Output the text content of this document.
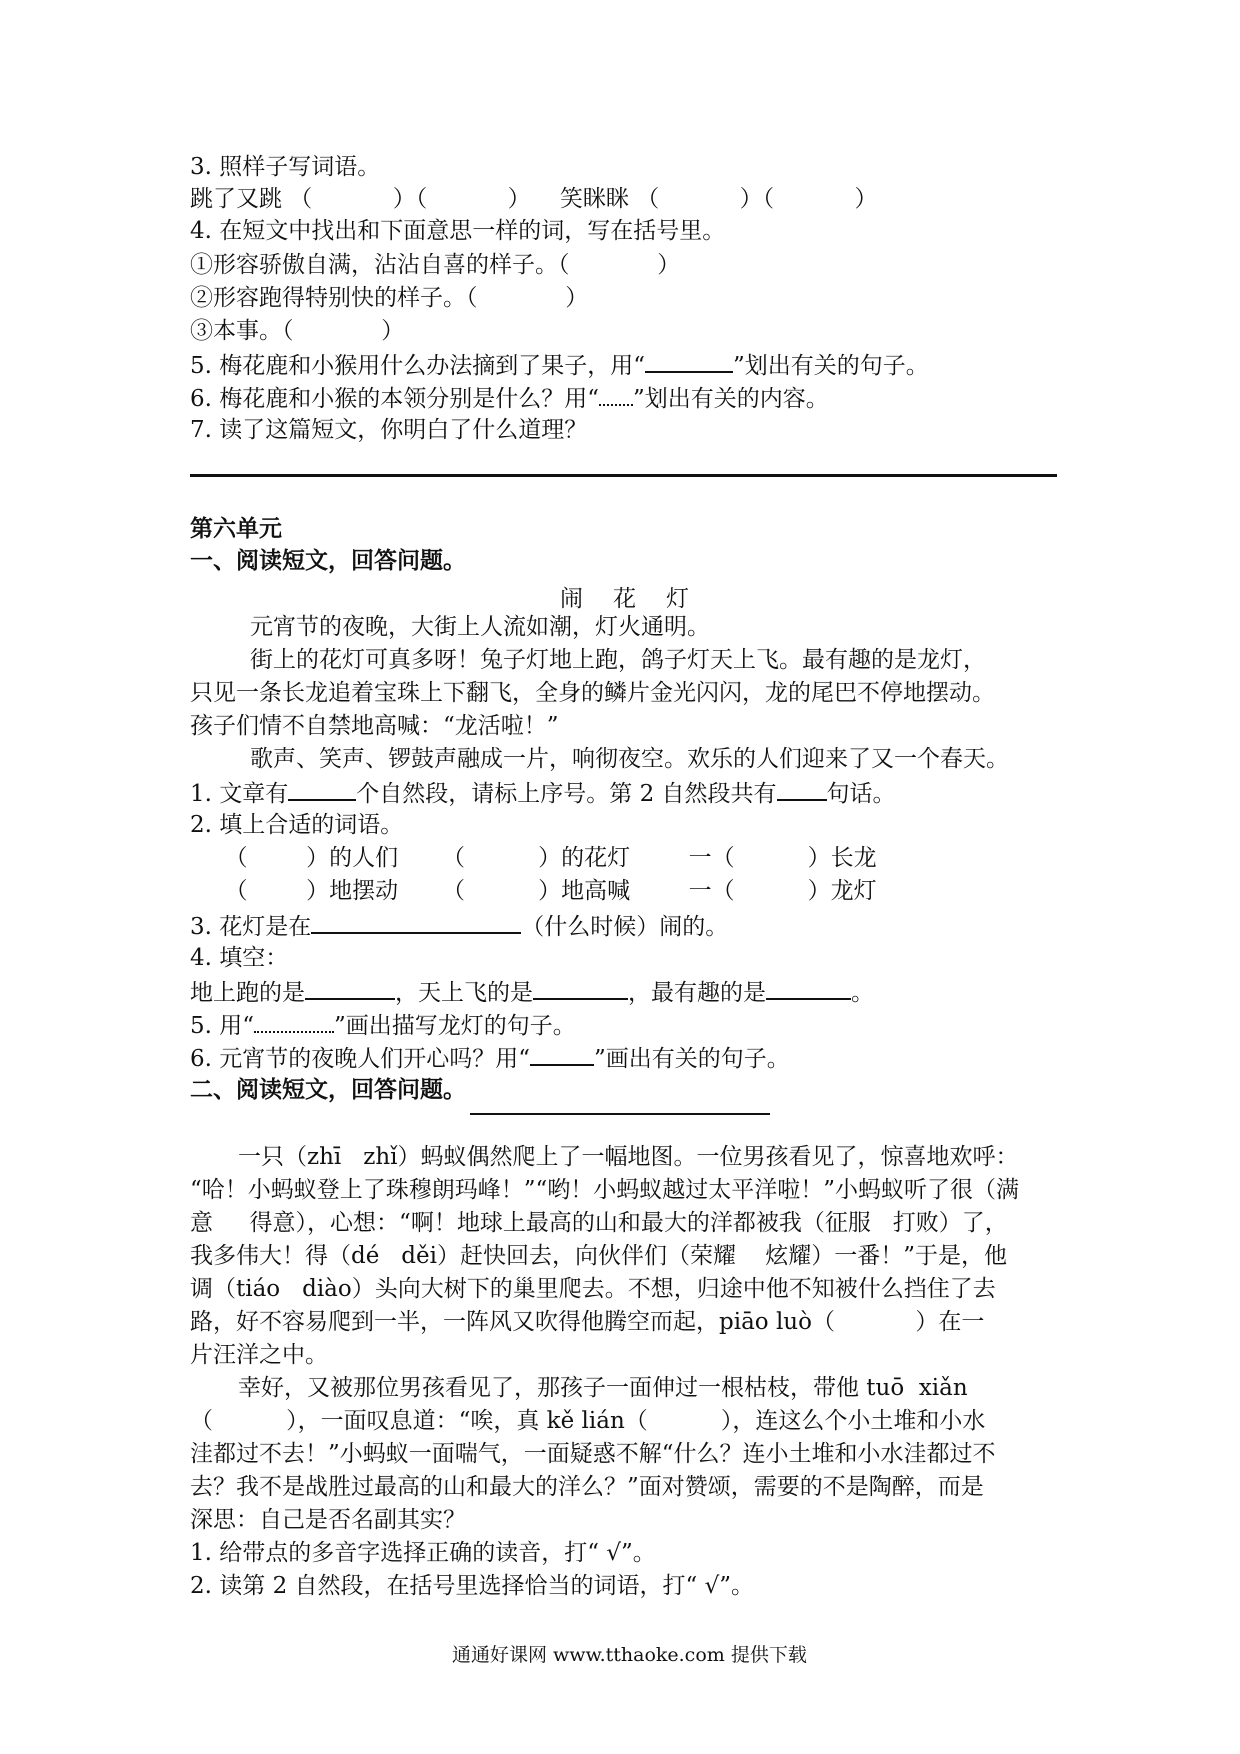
3. 照样子写词语。
跳了又跳 （           ）（           ）    笑眯眯 （           ）（           ）
4. 在短文中找出和下面意思一样的词，写在括号里。
①形容骄傲自满，沾沾自喜的样子。（            ）
②形容跑得特别快的样子。（            ）
③本事。（            ）
5. 梅花鹿和小猴用什么办法摘到了果子，用“	”划出有关的句子。
6. 梅花鹿和小猴的本领分别是什么？用“ ”划出有关的内容。
7. 读了这篇短文，你明白了什么道理？
第六单元
一、阅读短文，回答问题。
闹花灯
元宵节的夜晚，大街上人流如潮，灯火通明。
街上的花灯可真多呀！兔子灯地上跑，鸽子灯天上飞。最有趣的是龙灯，
只见一条长龙追着宝珠上下翻飞，全身的鳞片金光闪闪，龙的尾巴不停地摆动。
孩子们情不自禁地高喊：“龙活啦！”
歌声、笑声、锣鼓声融成一片，响彻夜空。欢乐的人们迎来了又一个春天。
1. 文章有	个自然段，请标上序号。第 2 自然段共有 句话。
2. 填上合适的词语。
（        ）的人们      （          ）的花灯        一（          ）长龙
（        ）地摆动      （          ）地高喊        一（          ）龙灯
3. 花灯是在	（什么时候）闹的。
4. 填空：
地上跑的是	，天上飞的是	，最有趣的是	。
5. 用“	”画出描写龙灯的句子。
6. 元宵节的夜晚人们开心吗？用“	”画出有关的句子。
二、阅读短文，回答问题。
一只（zhī   zhǐ）蚂蚁偶然爬上了一幅地图。一位男孩看见了，惊喜地欢呼：
“哈！小蚂蚁登上了珠穆朗玛峰！”“哟！小蚂蚁越过太平洋啦！”小蚂蚁听了很（满
意     得意），心想：“啊！地球上最高的山和最大的洋都被我（征服   打败）了，
我多伟大！得（dé   děi）赶快回去，向伙伴们（荣耀    炫耀）一番！”于是，他
调（tiáo   diào）头向大树下的巢里爬去。不想，归途中他不知被什么挡住了去
路，好不容易爬到一半，一阵风又吹得他腾空而起，piāo luò（           ）在一
片汪洋之中。
幸好，又被那位男孩看见了，那孩子一面伸过一根枯枝，带他 tuō  xiǎn
（          ），一面叹息道：“唉，真 kě lián（          ），连这么个小土堆和小水
洼都过不去！”小蚂蚁一面喘气，一面疑惑不解“什么？连小土堆和小水洼都过不
去？我不是战胜过最高的山和最大的洋么？”面对赞颂，需要的不是陶醉，而是
深思：自己是否名副其实？
1. 给带点的多音字选择正确的读音，打“ √”。
2. 读第 2 自然段，在括号里选择恰当的词语，打“ √”。
通通好课网 www.tthaoke.com 提供下载
